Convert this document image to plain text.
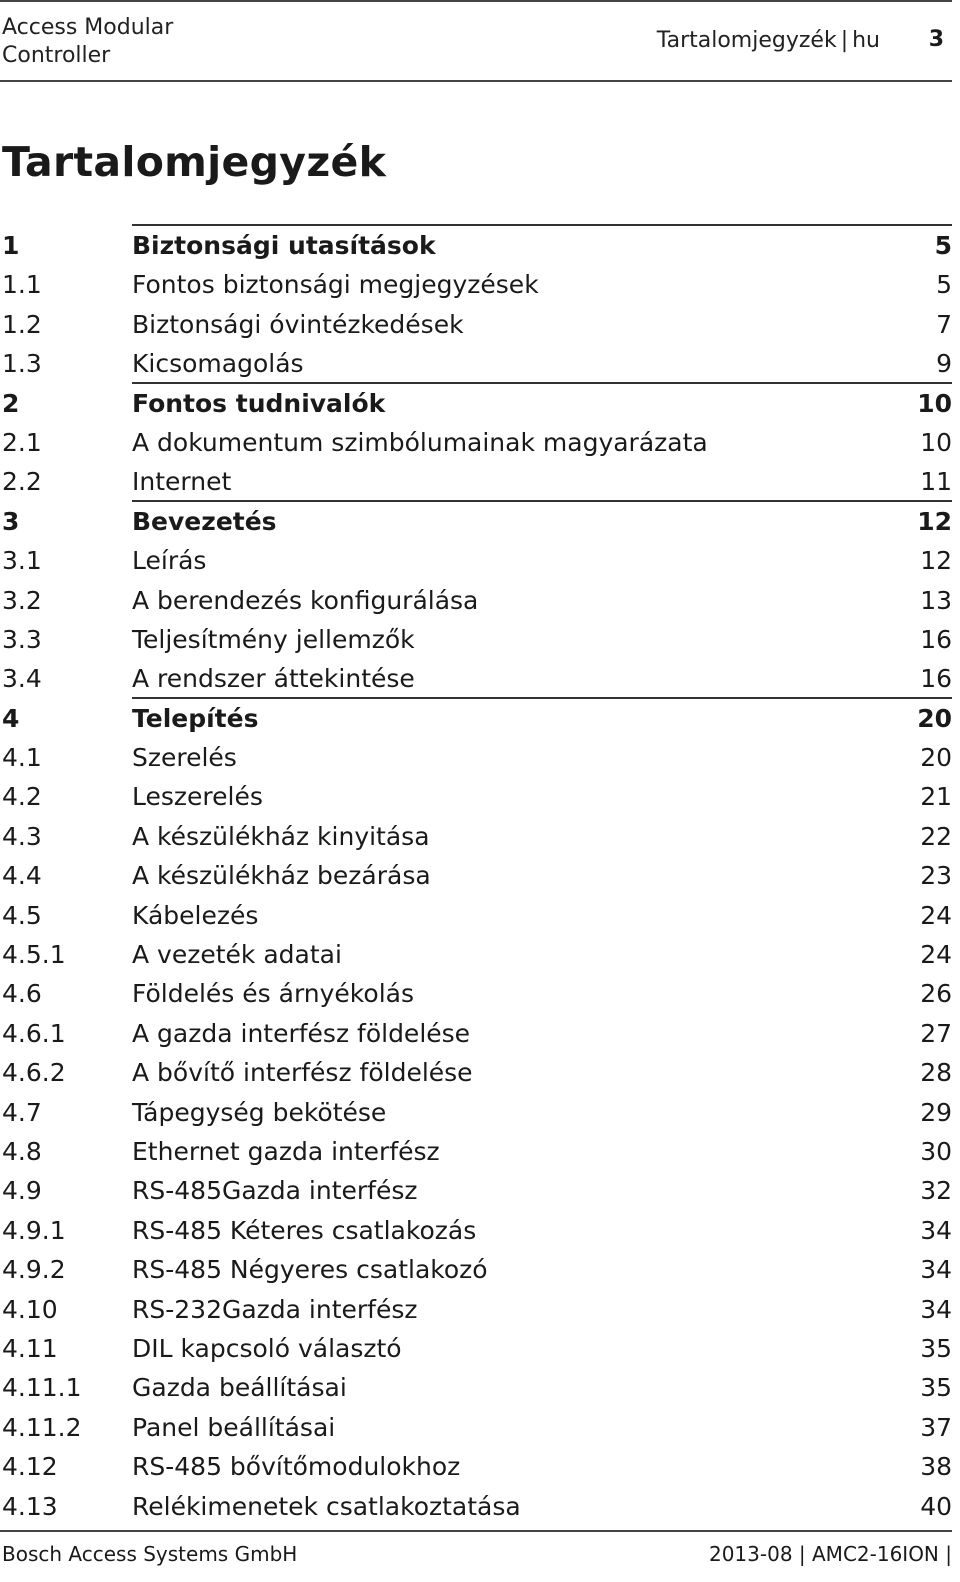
Access Modular
Controller
Tartalomjegyzék | hu 3
Tartalomjegyzék
1	Biztonsági utasítások	5
1.1	Fontos biztonsági megjegyzések	5
1.2	Biztonsági óvintézkedések	7
1.3	Kicsomagolás	9
2	Fontos tudnivalók	10
2.1	A dokumentum szimbólumainak magyarázata	10
2.2	Internet	11
3	Bevezetés	12
3.1	Leírás	12
3.2	A berendezés konfigurálása	13
3.3	Teljesítmény jellemzők	16
3.4	A rendszer áttekintése	16
4	Telepítés	20
4.1	Szerelés	20
4.2	Leszerelés	21
4.3	A készülékház kinyitása	22
4.4	A készülékház bezárása	23
4.5	Kábelezés	24
4.5.1	A vezeték adatai	24
4.6	Földelés és árnyékolás	26
4.6.1	A gazda interfész földelése	27
4.6.2	A bővítő interfész földelése	28
4.7	Tápegység bekötése	29
4.8	Ethernet gazda interfész	30
4.9	RS-485Gazda interfész	32
4.9.1	RS-485 Kéteres csatlakozás	34
4.9.2	RS-485 Négyeres csatlakozó	34
4.10	RS-232Gazda interfész	34
4.11	DIL kapcsoló választó	35
4.11.1 Gazda beállításai	35
4.11.2 Panel beállításai	37
4.12	RS-485 bővítőmodulokhoz	38
4.13	Relékimenetek csatlakoztatása	40
Bosch Access Systems GmbH	2013-08 | AMC2-16ION |
